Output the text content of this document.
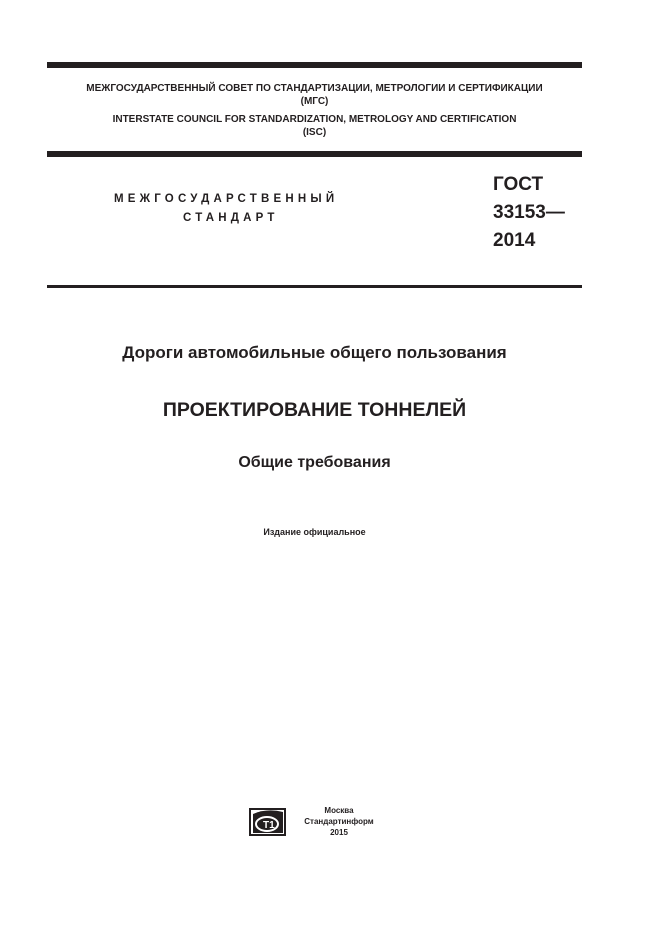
МЕЖГОСУДАРСТВЕННЫЙ СОВЕТ ПО СТАНДАРТИЗАЦИИ, МЕТРОЛОГИИ И СЕРТИФИКАЦИИ
(МГС)
INTERSTATE COUNCIL FOR STANDARDIZATION, METROLOGY AND CERTIFICATION
(ISC)
МЕЖГОСУДАРСТВЕННЫЙ
СТАНДАРТ
ГОСТ
33153—
2014
Дороги автомобильные общего пользования
ПРОЕКТИРОВАНИЕ ТОННЕЛЕЙ
Общие требования
Издание официальное
Т1
Москва
Стандартинформ
2015
